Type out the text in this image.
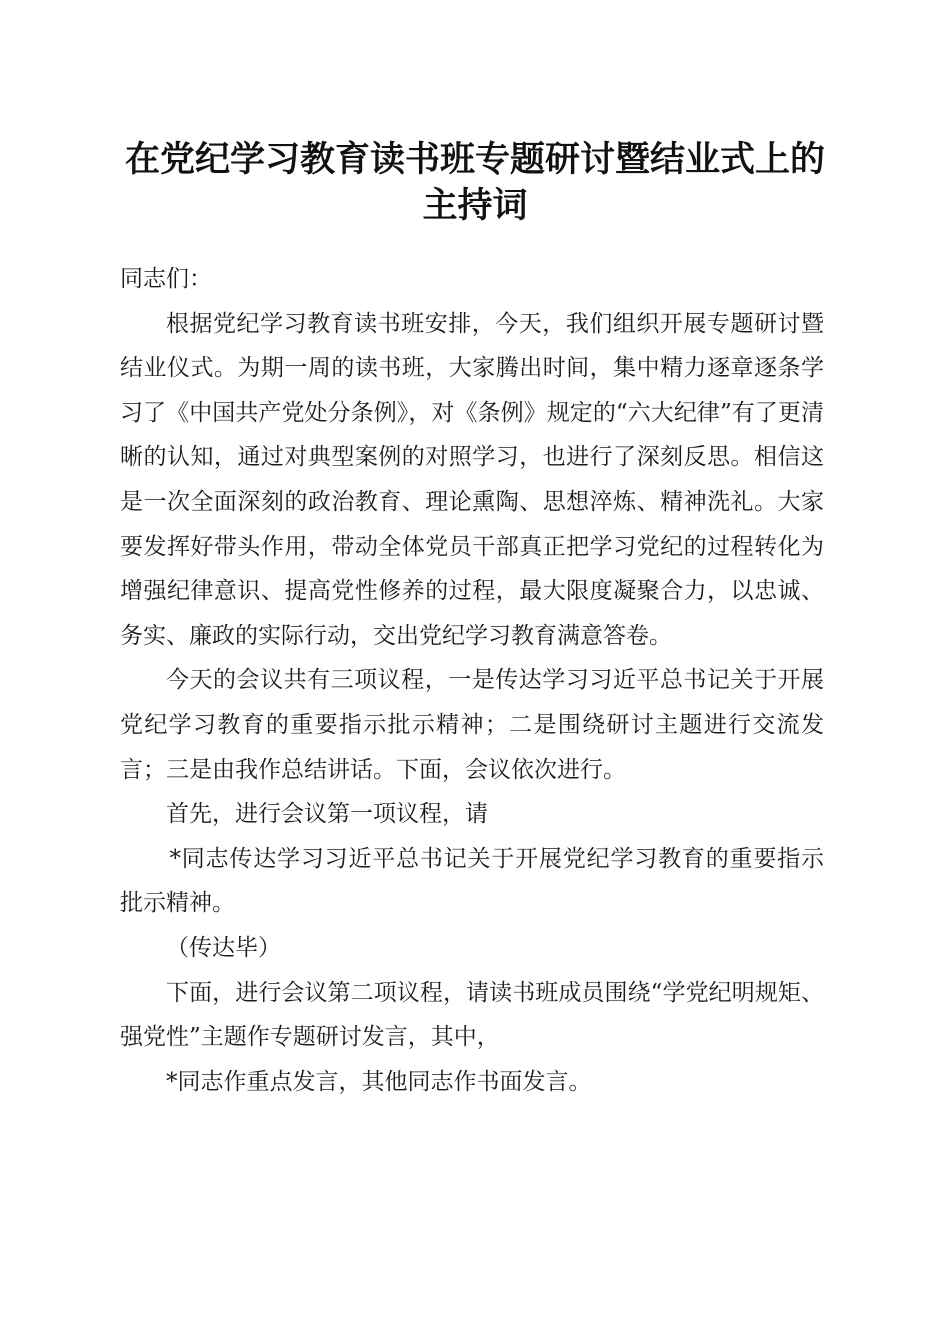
在党纪学习教育读书班专题研讨暨结业式上的
主持词

同志们：

根据党纪学习教育读书班安排，今天，我们组织开展专题研讨暨结业仪式。为期一周的读书班，大家腾出时间，集中精力逐章逐条学习了《中国共产党处分条例》，对《条例》规定的“六大纪律”有了更清晰的认知，通过对典型案例的对照学习，也进行了深刻反思。相信这是一次全面深刻的政治教育、理论熏陶、思想淬炼、精神洗礼。大家要发挥好带头作用，带动全体党员干部真正把学习党纪的过程转化为增强纪律意识、提高党性修养的过程，最大限度凝聚合力，以忠诚、务实、廉政的实际行动，交出党纪学习教育满意答卷。

今天的会议共有三项议程，一是传达学习习近平总书记关于开展党纪学习教育的重要指示批示精神；二是围绕研讨主题进行交流发言；三是由我作总结讲话。下面，会议依次进行。

首先，进行会议第一项议程，请

*同志传达学习习近平总书记关于开展党纪学习教育的重要指示批示精神。

（传达毕）

下面，进行会议第二项议程，请读书班成员围绕“学党纪明规矩、强党性”主题作专题研讨发言，其中，

*同志作重点发言，其他同志作书面发言。
